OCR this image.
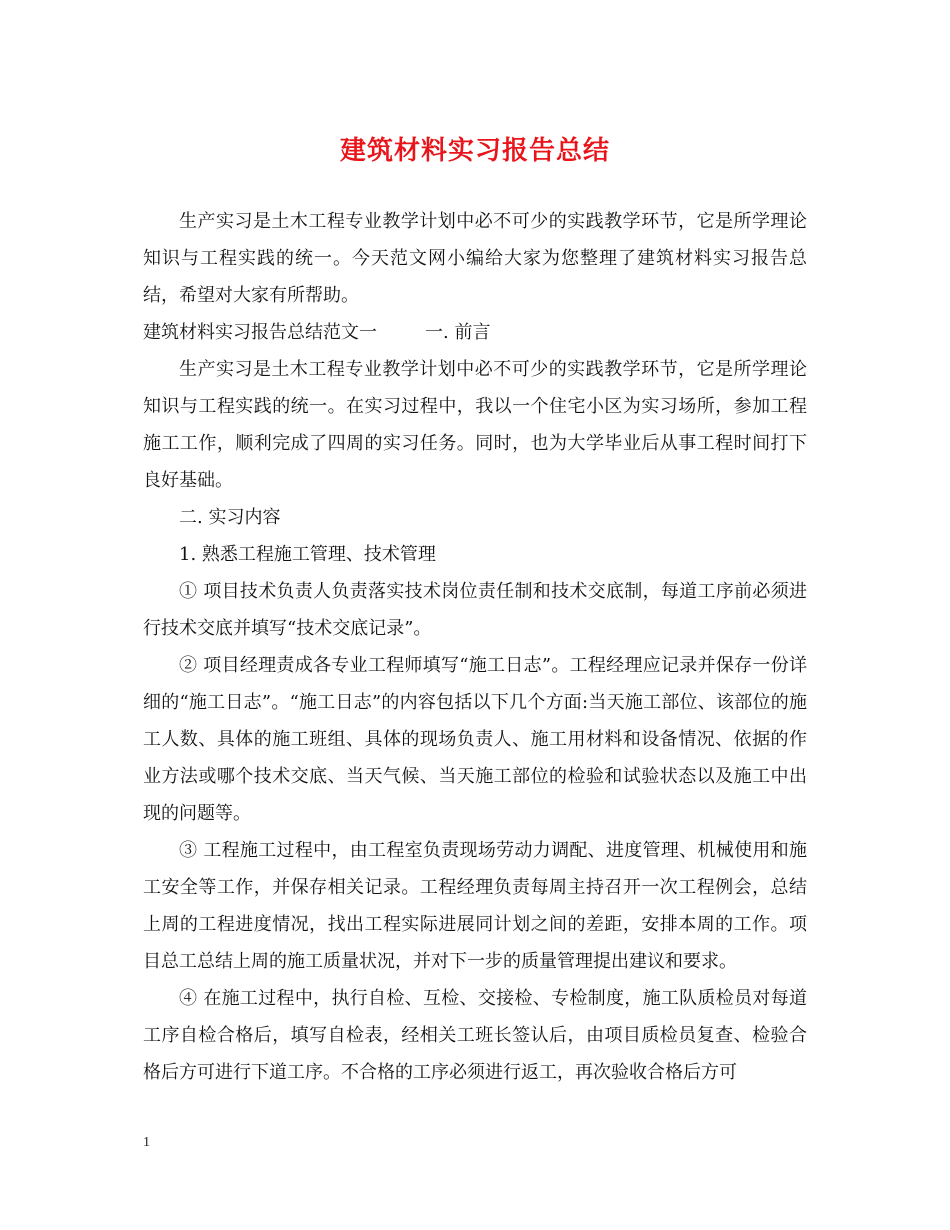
建筑材料实习报告总结

生产实习是土木工程专业教学计划中必不可少的实践教学环节，它是所学理论知识与工程实践的统一。今天范文网小编给大家为您整理了建筑材料实习报告总结，希望对大家有所帮助。

建筑材料实习报告总结范文一	一. 前言

生产实习是土木工程专业教学计划中必不可少的实践教学环节，它是所学理论知识与工程实践的统一。在实习过程中，我以一个住宅小区为实习场所，参加工程施工工作，顺利完成了四周的实习任务。同时，也为大学毕业后从事工程时间打下良好基础。

二. 实习内容

1. 熟悉工程施工管理、技术管理

① 项目技术负责人负责落实技术岗位责任制和技术交底制，每道工序前必须进行技术交底并填写“技术交底记录”。

② 项目经理责成各专业工程师填写“施工日志”。工程经理应记录并保存一份详细的“施工日志”。“施工日志”的内容包括以下几个方面:当天施工部位、该部位的施工人数、具体的施工班组、具体的现场负责人、施工用材料和设备情况、依据的作业方法或哪个技术交底、当天气候、当天施工部位的检验和试验状态以及施工中出现的问题等。

③ 工程施工过程中，由工程室负责现场劳动力调配、进度管理、机械使用和施工安全等工作，并保存相关记录。工程经理负责每周主持召开一次工程例会，总结上周的工程进度情况，找出工程实际进展同计划之间的差距，安排本周的工作。项目总工总结上周的施工质量状况，并对下一步的质量管理提出建议和要求。

④ 在施工过程中，执行自检、互检、交接检、专检制度，施工队质检员对每道工序自检合格后，填写自检表，经相关工班长签认后，由项目质检员复查、检验合格后方可进行下道工序。不合格的工序必须进行返工，再次验收合格后方可

1
